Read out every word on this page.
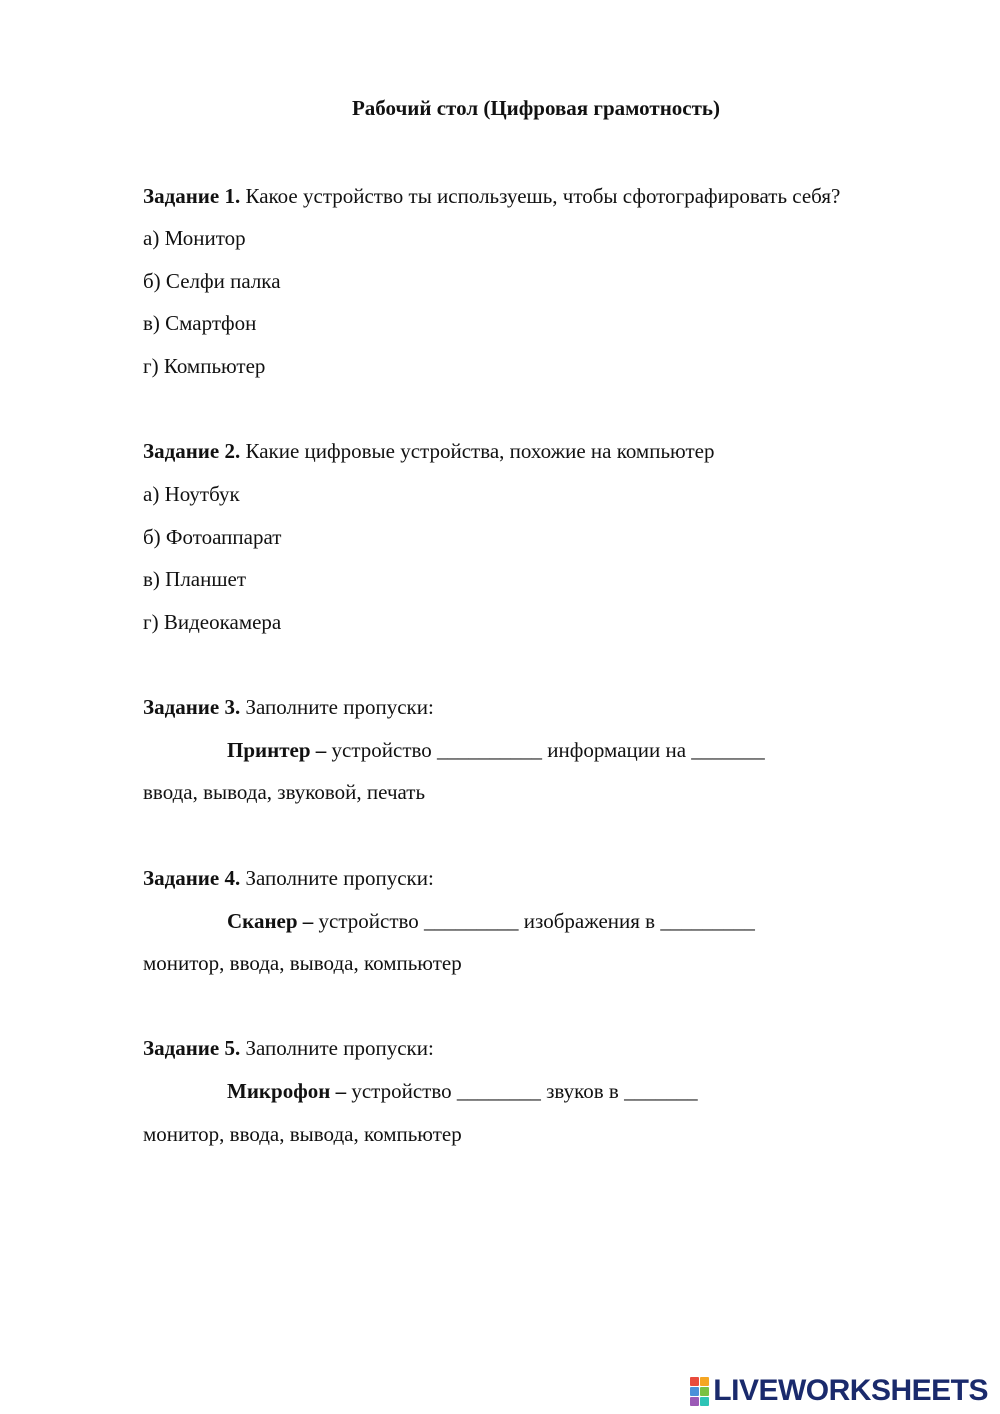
Рабочий стол (Цифровая грамотность)
Задание 1. Какое устройство ты используешь, чтобы сфотографировать себя?
а) Монитор
б) Селфи палка
в) Смартфон
г) Компьютер
Задание 2. Какие цифровые устройства, похожие на компьютер
а) Ноутбук
б) Фотоаппарат
в) Планшет
г) Видеокамера
Задание 3. Заполните пропуски:
Принтер – устройство __________ информации на _______
ввода, вывода, звуковой, печать
Задание 4. Заполните пропуски:
Сканер – устройство _________ изображения в _________
монитор, ввода, вывода, компьютер
Задание 5. Заполните пропуски:
Микрофон – устройство ________ звуков в _______
монитор, ввода, вывода, компьютер
LIVEWORKSHEETS
